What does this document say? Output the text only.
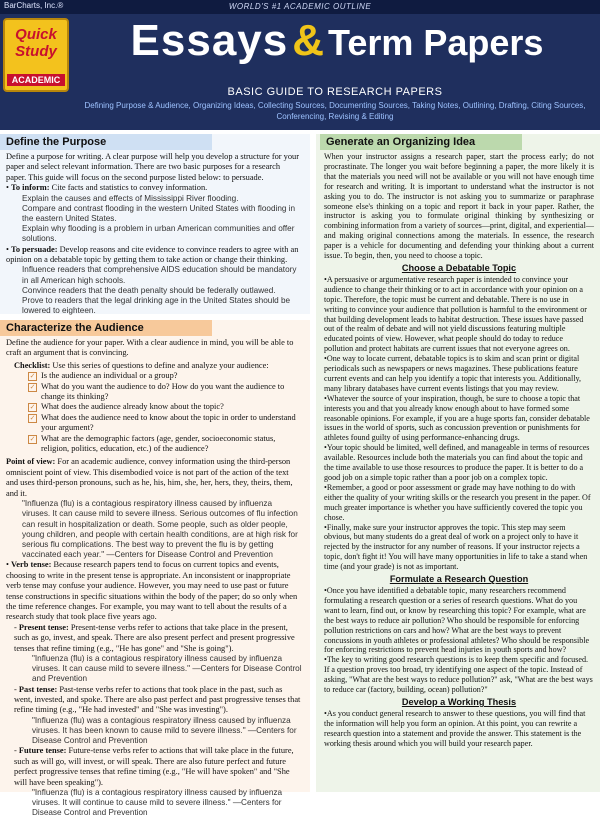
BarCharts, Inc.®	WORLD'S #1 ACADEMIC OUTLINE
Quick
Study
ACADEMIC
Essays& Term Papers
BASIC GUIDE TO RESEARCH PAPERS
Defining Purpose & Audience, Organizing Ideas, Collecting Sources, Documenting Sources, Taking Notes, Outlining, Drafting, Citing Sources, Conferencing, Revising & Editing
Define the Purpose

Define a purpose for writing. A clear purpose will help you develop a structure for your paper and select relevant information. There are two basic purposes for a research paper. This guide will focus on the second purpose listed below: to persuade.

• To inform: Cite facts and statistics to convey information.

Explain the causes and effects of Mississippi River flooding.

Compare and contrast flooding in the western United States with flooding in the eastern United States.

Explain why flooding is a problem in urban American communities and offer solutions.

• To persuade: Develop reasons and cite evidence to convince readers to agree with an opinion on a debatable topic by getting them to take action or change their thinking.

Influence readers that comprehensive AIDS education should be mandatory in all American high schools.

Convince readers that the death penalty should be federally outlawed.

Prove to readers that the legal drinking age in the United States should be lowered to eighteen.

Characterize the Audience

Define the audience for your paper. With a clear audience in mind, you will be able to craft an argument that is convincing.

Checklist: Use this series of questions to define and analyze your audience:

✓ Is the audience an individual or a group?
✓ What do you want the audience to do? How do you want the audience to change its thinking?
✓ What does the audience already know about the topic?
✓ What does the audience need to know about the topic in order to understand your argument?
✓ What are the demographic factors (age, gender, socioeconomic status, religion, politics, education, etc.) of the audience?

Point of view: For an academic audience, convey information using the third-person omniscient point of view. This disembodied voice is not part of the action of the text and uses third-person pronouns, such as he, his, him, she, her, hers, they, theirs, them, and it.

"Influenza (flu) is a contagious respiratory illness caused by influenza viruses. It can cause mild to severe illness. Serious outcomes of flu infection can result in hospitalization or death. Some people, such as older people, young children, and people with certain health conditions, are at high risk for serious flu complications. The best way to prevent the flu is by getting vaccinated each year." —Centers for Disease Control and Prevention

• Verb tense: Because research papers tend to focus on current topics and events, choosing to write in the present tense is appropriate. An inconsistent or inappropriate verb tense may confuse your audience. However, you may need to use past or future tense constructions in specific situations within the body of the paper; do so only when the time reference changes. For example, you may want to tell about the results of a research study that took place five years ago.

- Present tense: Present-tense verbs refer to actions that take place in the present, such as go, invest, and speak. There are also present perfect and present progressive tenses that refine timing (e.g., "He has gone" and "She is going").

"Influenza (flu) is a contagious respiratory illness caused by influenza viruses. It can cause mild to severe illness." —Centers for Disease Control and Prevention

- Past tense: Past-tense verbs refer to actions that took place in the past, such as went, invested, and spoke. There are also past perfect and past progressive tenses that refine timing (e.g., "He had invested" and "She was investing").

"Influenza (flu) was a contagious respiratory illness caused by influenza viruses. It has been known to cause mild to severe illness." —Centers for Disease Control and Prevention

- Future tense: Future-tense verbs refer to actions that will take place in the future, such as will go, will invest, or will speak. There are also future perfect and future perfect progressive tenses that refine timing (e.g., "He will have spoken" and "She will have been speaking").

"Influenza (flu) is a contagious respiratory illness caused by influenza viruses. It will continue to cause mild to severe illness." —Centers for Disease Control and Prevention

Generate an Organizing Idea

When your instructor assigns a research paper, start the process early; do not procrastinate. The longer you wait before beginning a paper, the more likely it is that the materials you need will not be available or you will not have enough time for research and writing. It is important to understand what the instructor is not asking you to do. The instructor is not asking you to summarize or paraphrase someone else's thinking on a topic and report it back in your paper. Rather, the instructor is asking you to formulate original thinking by synthesizing or combining information from a variety of sources—print, digital, and experiential—and making original connections among the materials. In essence, the research paper is a vehicle for documenting and defending your thinking about a current issue. To begin, then, you need to choose a topic.

Choose a Debatable Topic

•A persuasive or argumentative research paper is intended to convince your audience to change their thinking or to act in accordance with your opinion on a topic. Therefore, the topic must be current and debatable. There is no use in writing to convince your audience that pollution is harmful to the environment or that building development leads to habitat destruction. These issues have passed out of the realm of debate and will not yield discussions featuring multiple educated points of view. However, what people should do today to reduce pollution and protect habitats are current issues that not everyone agrees on.

•One way to locate current, debatable topics is to skim and scan print or digital periodicals such as newspapers or news magazines. These publications feature current events and can help you identify a topic that interests you. Additionally, many library databases have current events listings that you may review.

•Whatever the source of your inspiration, though, be sure to choose a topic that interests you and that you already know enough about to have formed some reasonable opinions. For example, if you are a huge sports fan, consider debatable issues in the world of sports, such as concussion prevention or punishments for athletes found guilty of using performance-enhancing drugs.

•Your topic should be limited, well defined, and manageable in terms of resources available. Resources include both the materials you can find about the topic and the time available to use those resources to produce the paper. It is better to do a good job on a simple topic rather than a poor job on a complex topic.

•Remember, a good or poor assessment or grade may have nothing to do with either the quality of your writing skills or the research you present in the paper. Of much greater importance is whether you have sufficiently covered the topic you chose.

•Finally, make sure your instructor approves the topic. This step may seem obvious, but many students do a great deal of work on a project only to have it rejected by the instructor for any number of reasons. If your instructor rejects a topic, don't fight it! You will have many opportunities in life to take a stand when time (and your grade) is not as important.

Formulate a Research Question

•Once you have identified a debatable topic, many researchers recommend formulating a research question or a series of research questions. What do you want to learn, find out, or know by researching this topic? For example, what are the best ways to reduce air pollution? Who should be responsible for enforcing pollution restrictions on cars and how? What are the best ways to prevent concussions in youth athletes or professional athletes? Who should be responsible for enforcing restrictions to prevent head injuries in youth sports and how?

•The key to writing good research questions is to keep them specific and focused. If a question proves too broad, try identifying one aspect of the topic. Instead of asking, "What are the best ways to reduce pollution?" ask, "What are the best ways to reduce car (factory, building, ocean) pollution?"

Develop a Working Thesis

•As you conduct general research to answer to these questions, you will find that the information will help you form an opinion. At this point, you can rewrite a research question into a statement and provide the answer. This statement is the working thesis around which you will build your research paper.
